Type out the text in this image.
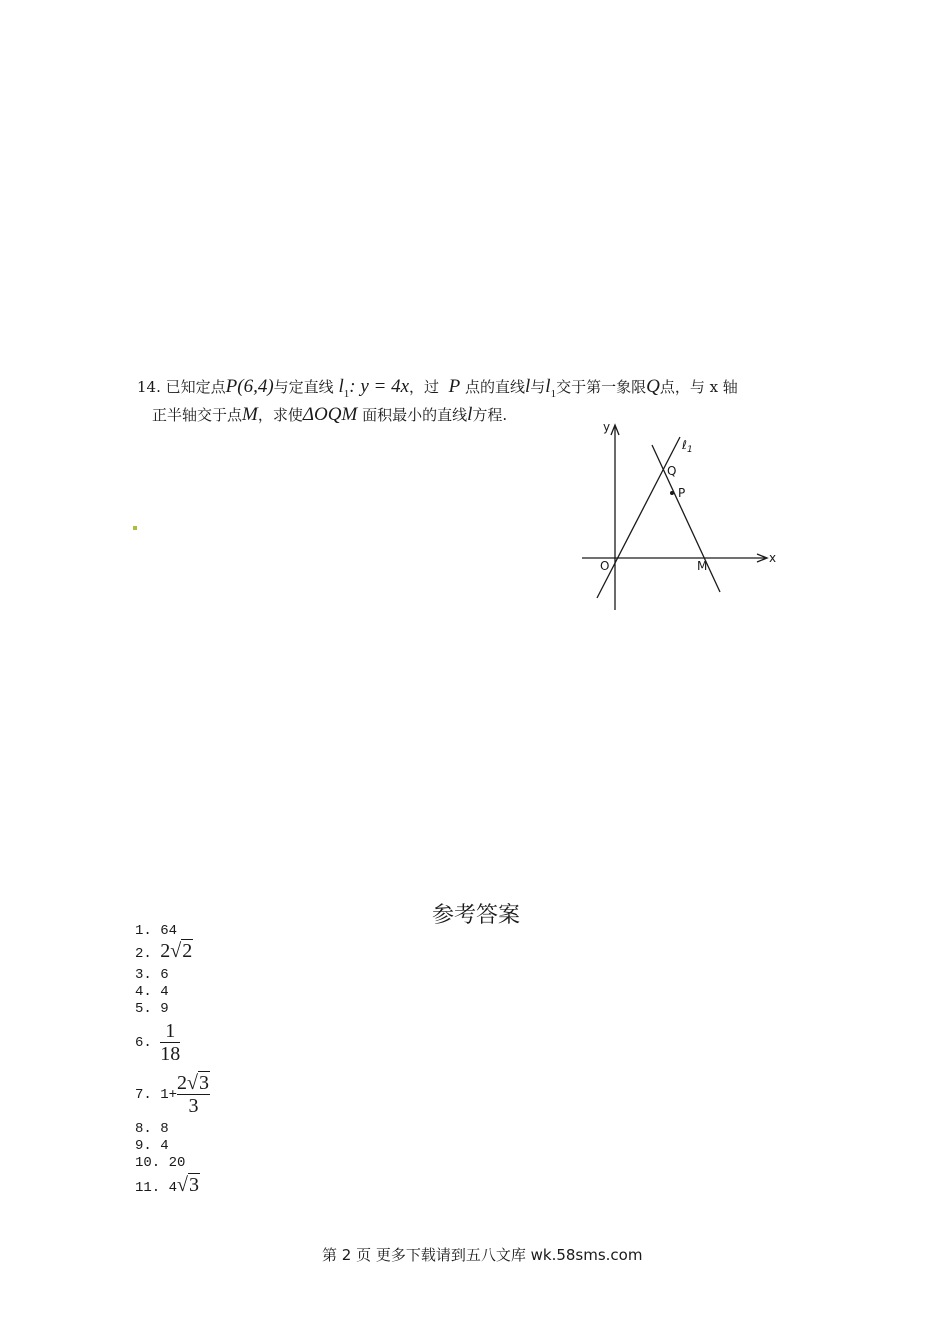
14. 已知定点P(6,4)与定直线 $l_1$: y = 4x，过 P 点的直线l与$l_1$交于第一象限Q点，与 x 轴
正半轴交于点M，求使ΔOQM 面积最小的直线l方程.
y
x
O
Q
P
M
ℓ$_1$
参考答案
1. 64
2. 2√2
3. 6
4. 4
5. 9
6. $\frac{1}{18}$
7. $1+ \frac{2√3}{3}$
8. 8
9. 4
10. 20
11. 4√3
第 2 页 更多下载请到五八文库 wk.58sms.com
